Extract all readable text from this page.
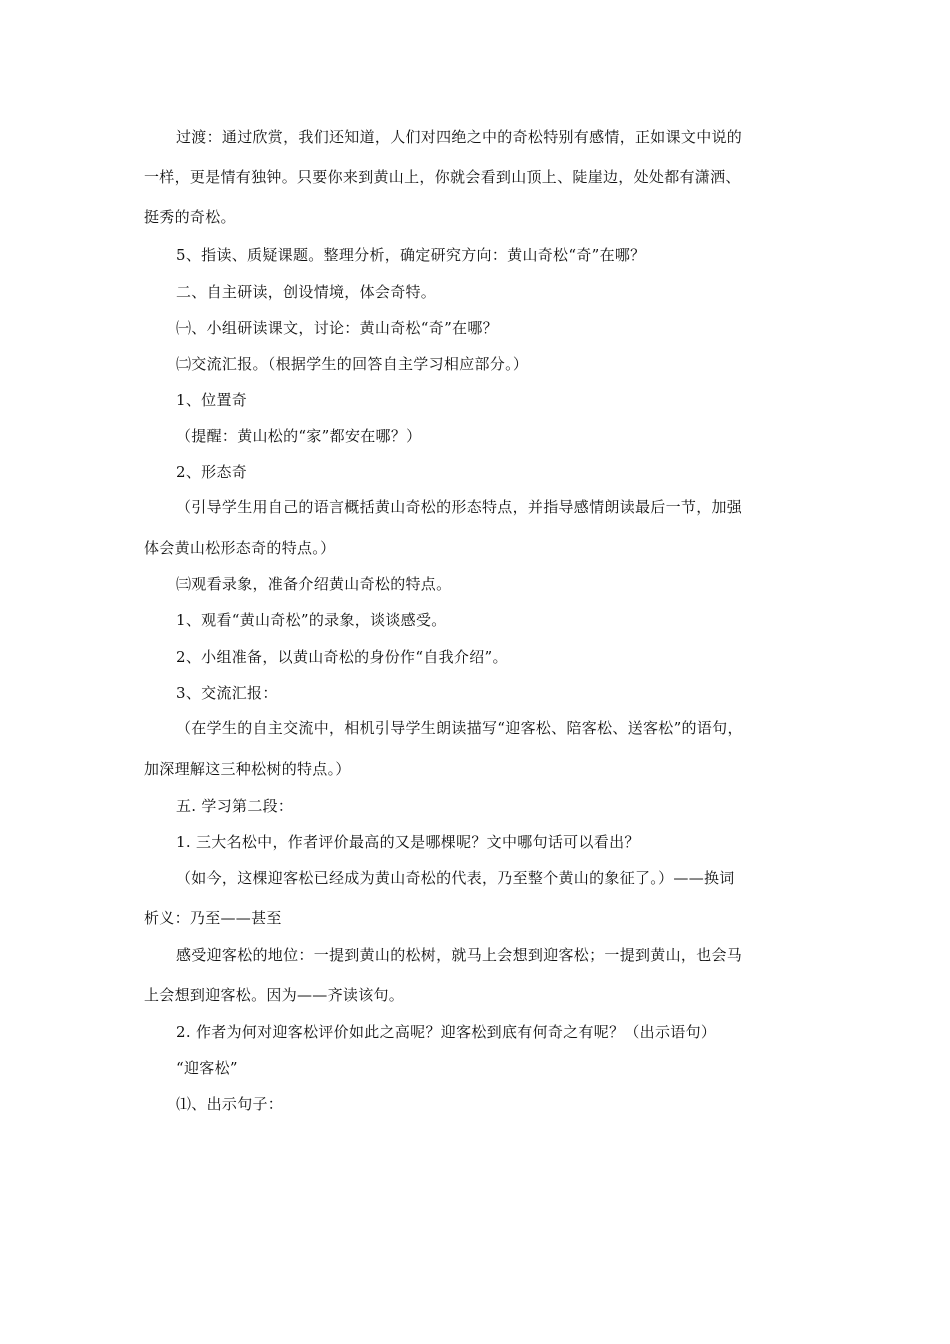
过渡：通过欣赏，我们还知道，人们对四绝之中的奇松特别有感情，正如课文中说的
一样，更是情有独钟。只要你来到黄山上，你就会看到山顶上、陡崖边，处处都有潇洒、
挺秀的奇松。
5、指读、质疑课题。整理分析，确定研究方向：黄山奇松“奇”在哪？
二、自主研读，创设情境，体会奇特。
㈠、小组研读课文，讨论：黄山奇松“奇”在哪？
㈡交流汇报。（根据学生的回答自主学习相应部分。）
1、位置奇
（提醒：黄山松的“家”都安在哪？）
2、形态奇
（引导学生用自己的语言概括黄山奇松的形态特点，并指导感情朗读最后一节，加强
体会黄山松形态奇的特点。）
㈢观看录象，准备介绍黄山奇松的特点。
1、观看“黄山奇松”的录象，谈谈感受。
2、小组准备，以黄山奇松的身份作“自我介绍”。
3、交流汇报：
（在学生的自主交流中，相机引导学生朗读描写“迎客松、陪客松、送客松”的语句，
加深理解这三种松树的特点。）
五. 学习第二段：
1. 三大名松中，作者评价最高的又是哪棵呢？文中哪句话可以看出？
（如今，这棵迎客松已经成为黄山奇松的代表，乃至整个黄山的象征了。）——换词
析义：乃至——甚至
感受迎客松的地位：一提到黄山的松树，就马上会想到迎客松；一提到黄山，也会马
上会想到迎客松。因为——齐读该句。
2. 作者为何对迎客松评价如此之高呢？迎客松到底有何奇之有呢？（出示语句）
“迎客松”
⑴、出示句子：
